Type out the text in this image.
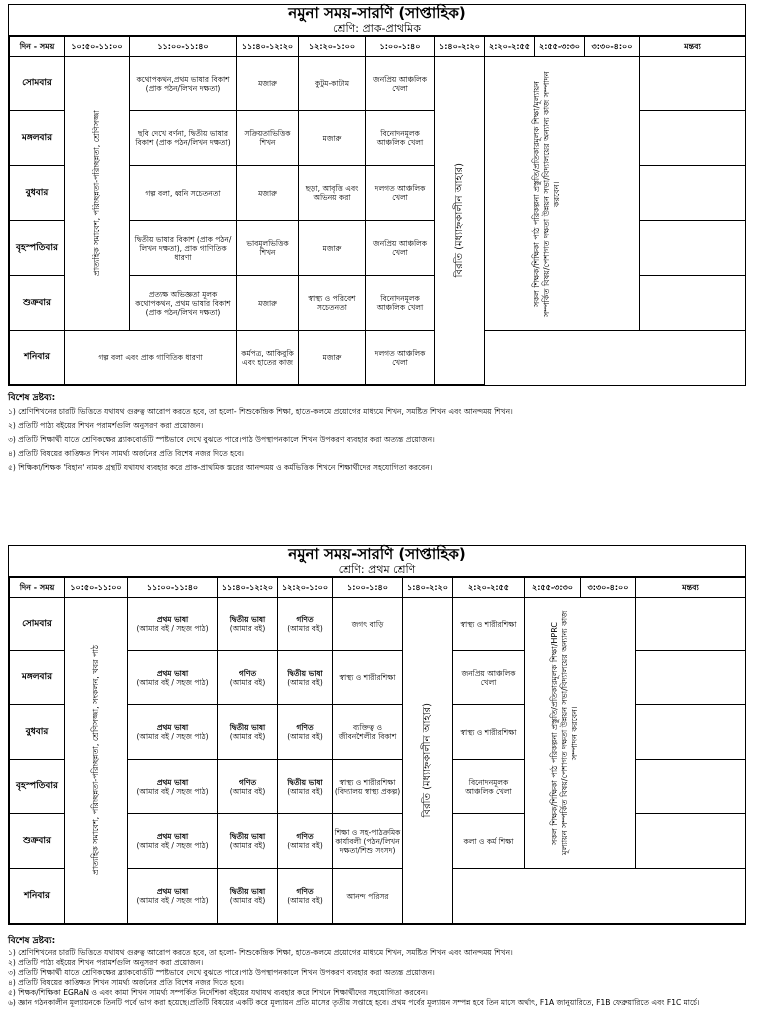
নমুনা সময়-সারণি (সাপ্তাহিক)
শ্রেণি: প্রাক-প্রাথমিক
দিন - সময়	১০:৫০-১১:০০	১১:০০-১১:৪০	১১:৪০-১২:২০	১২:২০-১:০০	১:০০-১:৪০	১:৪০-২:২০	২:২০-২:৫৫	২:৫৫-৩:৩০	৩:৩০-৪:০০	মন্তব্য
সোমবার	প্রাত্যহিক সমাবেশ, পরিচ্ছন্নতা-পরিচ্ছন্নতা, শ্রেণিসজ্জা	কথোপকথন,প্রথম ভাষার বিকাশ (প্রাক পঠন/লিখন দক্ষতা)	মজারু	কুটুম-কাটাম	জনপ্রিয় আঞ্চলিক খেলা	বিরতি (মধ্যাহ্নকালীন আহার)	সকল শিক্ষক/শিক্ষিকা পাঠ পরিকল্পনা প্রস্তুতি/প্রতিকারমূলক শিক্ষা/মূল্যায়ন সম্পর্কিত বিষয়/পেশাগত দক্ষতা উন্নয়ন সভা/বিদ্যালয়ের অন্যান্য কাজ সম্পাদন করবেন।			

মঙ্গলবার		ছবি দেখে বর্ণনা, দ্বিতীয় ভাষার বিকাশ (প্রাক পঠন/লিখন দক্ষতা)	সক্রিয়তাভিত্তিক শিখন	মজারু	বিনোদনমূলক আঞ্চলিক খেলা					
বুধবার		গল্প বলা, ধ্বনি সচেতনতা	মজারু	ছড়া, আবৃত্তি এবং অভিনয় করা	দলগত আঞ্চলিক খেলা					
বৃহস্পতিবার		দ্বিতীয় ভাষার বিকাশ (প্রাক পঠন/লিখন দক্ষতা), প্রাক গাণিতিক ধারণা	ভাবমূলভিত্তিক শিখন	মজারু	জনপ্রিয় আঞ্চলিক খেলা					
শুক্রবার		প্রত্যক্ষ অভিজ্ঞতা মূলক কথোপকথন, প্রথম ভাষার বিকাশ (প্রাক পঠন/লিখন দক্ষতা)	মজারু	স্বাস্থ্য ও পরিবেশ সচেতনতা	বিনোদনমূলক আঞ্চলিক খেলা					
শনিবার	গল্প বলা এবং প্রাক গাণিতিক ধারণা		কর্মপত্র, আকিবুকি এবং হাতের কাজ	মজারু	দলগত আঞ্চলিক খেলা					
বিশেষ দ্রষ্টব্য:
১) শ্রেণিশিখনের চারটি ভিত্তিতে যথাযথ গুরুত্ব আরোপ করতে হবে, তা হলো- শিশুকেন্দ্রিক শিক্ষা, হাতে-কলমে প্রয়োগের মাধ্যমে শিখন, সমষ্টিত শিখন এবং আনন্দময় শিখন।
২) প্রতিটি পাঠ্য বইয়ের শিখন পরামর্শগুলি অনুসরণ করা প্রয়োজন।
৩) প্রতিটি শিক্ষার্থী যাতে শ্রেণিকক্ষের ব্ল্যাকবোর্ডটি স্পষ্টভাবে দেখে বুঝতে পারে।পাঠ উপস্থাপনকালে শিখন উপকরণ ব্যবহার করা অত্যন্ত প্রয়োজন।
৪) প্রতিটি বিষয়ের কাঙ্ক্ষিত শিখন সামর্থ্য অর্জনের প্রতি বিশেষ নজর দিতে হবে।
৫) শিক্ষিকা/শিক্ষক 'বিহান' নামক গ্রন্থটি যথাযথ ব্যবহার করে প্রাক-প্রাথমিক স্তরের আনন্দময় ও কর্মভিত্তিক শিখনে শিক্ষার্থীদের সহযোগিতা করবেন।
নমুনা সময়-সারণি (সাপ্তাহিক)
শ্রেণি: প্রথম শ্রেণি
দিন - সময়	১০:৫০-১১:০০	১১:০০-১১:৪০	১১:৪০-১২:২০	১২:২০-১:০০	১:০০-১:৪০	১:৪০-২:২০	২:২০-২:৫৫	২:৫৫-৩:৩০	৩:৩০-৪:০০	মন্তব্য
সোমবার	প্রাত্যহিক সমাবেশ, পরিচ্ছন্নতা-পরিচ্ছন্নতা, শ্রেণিসজ্জা, সংকলন, খবর পাঠ	প্রথম ভাষা
(আমার বই / সহজ পাঠ)	দ্বিতীয় ভাষা
(আমার বই)	গণিত
(আমার বই)	জগৎ বাড়ি	বিরতি (মধ্যাহ্নকালীন আহার)	স্বাস্থ্য ও শারীরশিক্ষা	সকল শিক্ষক/শিক্ষিকা পাঠ পরিকল্পনা প্রস্তুতি/প্রতিকারমূলক শিক্ষা/HPRC মূল্যায়ন সম্পর্কিত বিষয়/পেশাগত দক্ষতা উন্নয়ন সভা/বিদ্যালয়ের অন্যান্য কাজ সম্পাদন করবেন।		

মঙ্গলবার		প্রথম ভাষা
(আমার বই / সহজ পাঠ)	গণিত
(আমার বই)	দ্বিতীয় ভাষা
(আমার বই)	স্বাস্থ্য ও শারীরশিক্ষা		জনপ্রিয় আঞ্চলিক খেলা			
বুধবার		প্রথম ভাষা
(আমার বই / সহজ পাঠ)	দ্বিতীয় ভাষা
(আমার বই)	গণিত
(আমার বই)	ব্যক্তিত্ব ও জীবনশৈলীর বিকাশ		স্বাস্থ্য ও শারীরশিক্ষা			
বৃহস্পতিবার		প্রথম ভাষা
(আমার বই / সহজ পাঠ)	গণিত
(আমার বই)	দ্বিতীয় ভাষা
(আমার বই)	স্বাস্থ্য ও শারীরশিক্ষা (বিদ্যালয় স্বাস্থ্য প্রকল্প)		বিনোদনমূলক আঞ্চলিক খেলা			
শুক্রবার		প্রথম ভাষা
(আমার বই / সহজ পাঠ)	দ্বিতীয় ভাষা
(আমার বই)	গণিত
(আমার বই)	শিক্ষা ও সহ-পাঠক্রমিক কার্যাবলী (পঠন/লিখন দক্ষতা/শিশু সংসদ)		কলা ও কর্ম শিক্ষা			
শনিবার		প্রথম ভাষা
(আমার বই / সহজ পাঠ)	দ্বিতীয় ভাষা
(আমার বই)	গণিত
(আমার বই)	আনন্দ পরিসর					
বিশেষ দ্রষ্টব্য:
১) শ্রেণিশিখনের চারটি ভিত্তিতে যথাযথ গুরুত্ব আরোপ করতে হবে, তা হলো- শিশুকেন্দ্রিক শিক্ষা, হাতে-কলমে প্রয়োগের মাধ্যমে শিখন, সমষ্টিত শিখন এবং আনন্দময় শিখন।
২) প্রতিটি পাঠ্য বইয়ের শিখন পরামর্শগুলি অনুসরণ করা প্রয়োজন।
৩) প্রতিটি শিক্ষার্থী যাতে শ্রেণিকক্ষের ব্ল্যাকবোর্ডটি স্পষ্টভাবে দেখে বুঝতে পারে।পাঠ উপস্থাপনকালে শিখন উপকরণ ব্যবহার করা অত্যন্ত প্রয়োজন।
৪) প্রতিটি বিষয়ের কাঙ্ক্ষিত শিখন সামর্থ্য অর্জনের প্রতি বিশেষ নজর দিতে হবে।
৫) শিক্ষক/শিক্ষিকা EGRaN ও এবং কামা শিখন সামর্থ্য সম্পর্কিত নির্দেশিকা বইয়ের যথাযথ ব্যবহার করে শিখনে শিক্ষার্থীদের সহযোগিতা করবেন।
৬) জ্ঞান গঠনকালীন মূল্যায়নকে তিনটি পর্বে ভাগ করা হয়েছে।প্রতিটি বিষয়ের একটি করে মূল্যায়ন প্রতি মাসের তৃতীয় সপ্তাহে হবে। প্রথম পর্বের মূল্যায়ন সম্পন্ন হবে তিন মাসে অর্থাৎ, F1A জানুয়ারিতে, F1B ফেব্রুয়ারিতে এবং F1C মার্চে।
